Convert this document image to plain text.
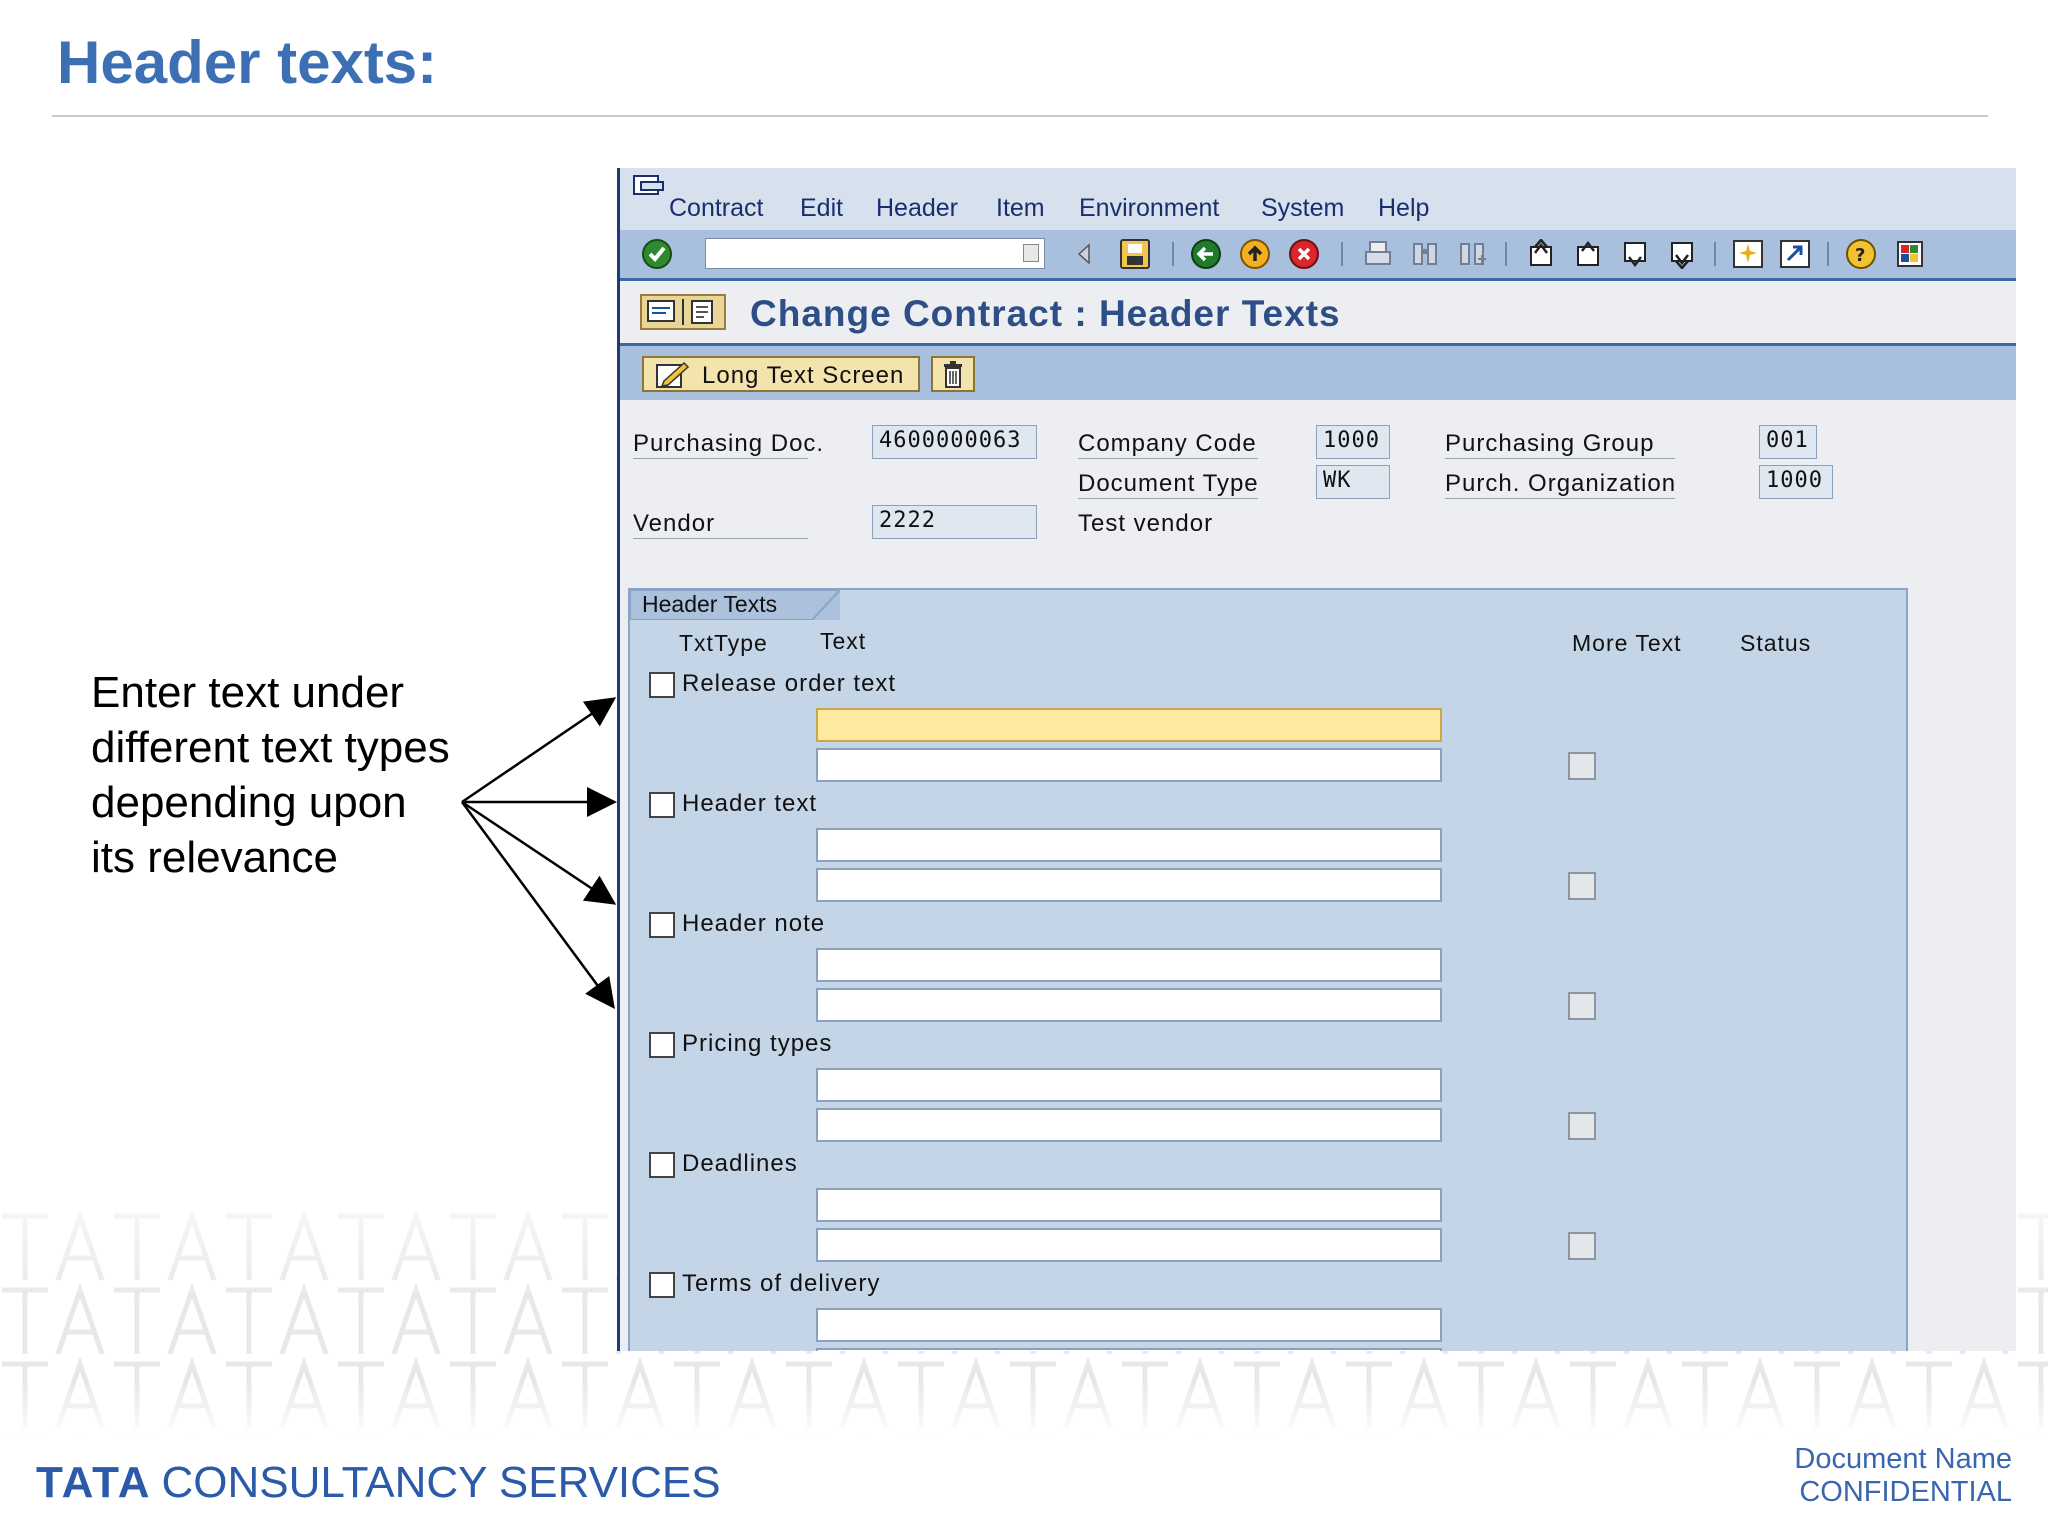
Header texts:
Enter text under different text types depending upon its relevance
Contract Edit Header Item Environment System Help
?
Change Contract : Header Texts
Long Text Screen
Purchasing Doc.	4600000063	Company Code	1000	Purchasing Group	001
Document Type	WK	Purch. Organization	1000
Vendor	2222	Test vendor
Header Texts
TxtType Text	More Text	Status
Release order text
Header text
Header note
Pricing types
Deadlines
Terms of delivery
TATA CONSULTANCY SERVICES	Document Name
CONFIDENTIAL
